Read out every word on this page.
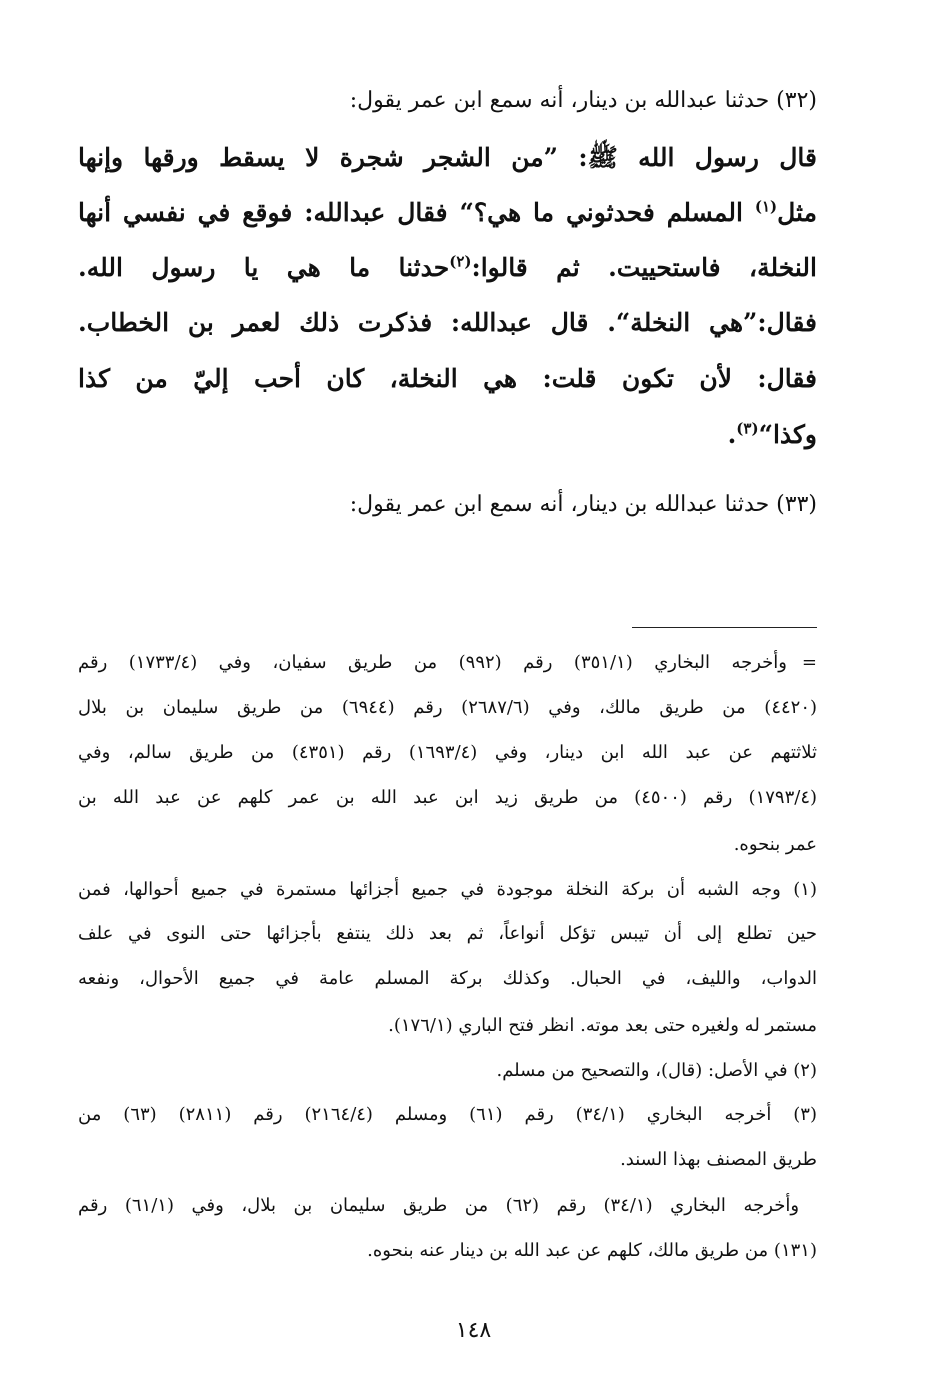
(٣٢) حدثنا عبدالله بن دينار، أنه سمع ابن عمر يقول:
قال رسول الله ﷺ: ”من الشجر شجرة لا يسقط ورقها وإنها
مثل$^{(١)}$ المسلم فحدثوني ما هي؟“ فقال عبدالله: فوقع في نفسي أنها
النخلة، فاستحييت. ثم قالوا:$^{(٢)}$حدثنا ما هي يا رسول الله.
فقال:”هي النخلة“. قال عبدالله: فذكرت ذلك لعمر بن الخطاب.
فقال: لأن تكون قلت: هي النخلة، كان أحب إليّ من كذا
وكذا“$^{(٣)}$.
(٣٣) حدثنا عبدالله بن دينار، أنه سمع ابن عمر يقول:
=
وأخرجه البخاري (٣٥١/١) رقم (٩٩٢) من طريق سفيان، وفي (١٧٣٣/٤) رقم
(٤٤٢٠) من طريق مالك، وفي (٢٦٨٧/٦) رقم (٦٩٤٤) من طريق سليمان بن بلال
ثلاثتهم عن عبد الله ابن دينار، وفي (١٦٩٣/٤) رقم (٤٣٥١) من طريق سالم، وفي
(١٧٩٣/٤) رقم (٤٥٠٠) من طريق زيد ابن عبد الله بن عمر كلهم عن عبد الله بن
عمر بنحوه.
(١) وجه الشبه أن بركة النخلة موجودة في جميع أجزائها مستمرة في جميع أحوالها، فمن
حين تطلع إلى أن تيبس تؤكل أنواعاً، ثم بعد ذلك ينتفع بأجزائها حتى النوى في علف
الدواب، والليف، في الحبال. وكذلك بركة المسلم عامة في جميع الأحوال، ونفعه
مستمر له ولغيره حتى بعد موته. انظر فتح الباري (١٧٦/١).
(٢) في الأصل: (قال)، والتصحيح من مسلم.
(٣) أخرجه البخاري (٣٤/١) رقم (٦١) ومسلم (٢١٦٤/٤) رقم (٢٨١١) (٦٣) من
طريق المصنف بهذا السند.
وأخرجه البخاري (٣٤/١) رقم (٦٢) من طريق سليمان بن بلال، وفي (٦١/١) رقم
(١٣١) من طريق مالك، كلهم عن عبد الله بن دينار عنه بنحوه.
١٤٨
